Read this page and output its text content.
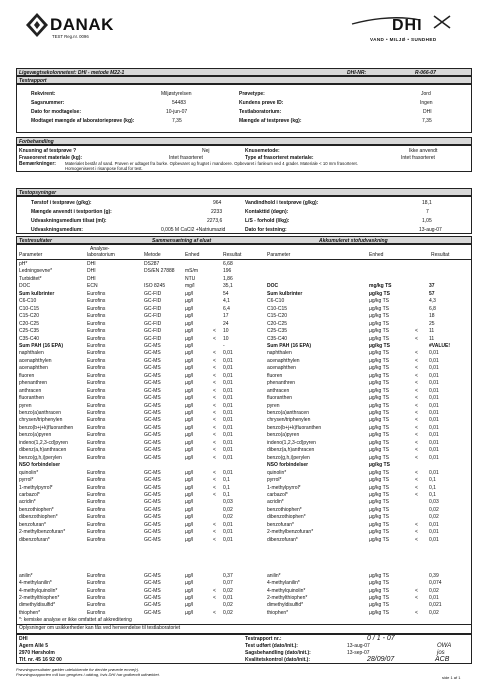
DANAK
TEST Reg.nr. 0096
DHI
VAND • MILJØ • SUNDHED
Ligevægtsekolonnetest: DHI - metode M22-1	DHI-NR:	R-066-07
Testrapport
Rekvirent:	Miljøstyrelsen	Prøvetype:	Jord
Sagsnummer:	54483	Kundens prøve ID:	Ingen
Dato for modtagelse:	10-jun-07	Testlaboratorium:	DHI
Modtaget mængde af laboratorieprøve (kg):	7,35	Mængde af testprøve (kg):	7,35
Forbehandling
Knusning af testprøve ?	Nej	Knusemetode:	Ikke anvendt
Fraseoreret materiale (kg):	Intet frasorteret	Type af frasorteret materiale:	Intet frasorteret
Bemærkninger: Materialet består af sand. Prøven er udtaget fra burke. Opbevaret og frugtet i mandoere. Opbevaret i fanleum ved 4 grader. Materiale < 10 mm frasorteret.
Homogeniseret i risanpose forud for test.
Testopsyninger
Tørstof i testprøve (g/kg):	964	Vandindhold i testprøve (g/kg):	18,1
Mængde anvendt i testportion (g):	2233	Kontakttid (døgn):	7
Udvaskningsmedium tilsat (ml):	2273,6	L/S - forhold (l/kg):	1,05
Udvaskningsmedium:	0,005 M CaCl2 +Natriumazid	Dato for testning:	13-aug-07
Testresultater	Sammensætning af eluat	Akkumuleret stofudvaskning
Analyse-
Parameter	laboratorium	Metode	Enhed	Resultat	Parameter	Enhed	Resultat
pH*	DHI	DS287	6,68
Ledningsevne*	DHI	DS/EN 27888 mS/m	196
Turbiditet*	DHI	NTU	1,86
DOC	ECN	ISO 8245	mg/l	35,1	DOC	mg/kg TS	37
Sum kulbrinter	Eurofins	GC-FID	µg/l	54	Sum kulbrinter	µg/kg TS	57
C6-C10	Eurofins	GC-FID	µg/l	4,1	C6-C10	µg/kg TS	4,3
C10-C15	Eurofins	GC-FID	µg/l	6,4	C10-C15	µg/kg TS	6,8
C15-C20	Eurofins	GC-FID	µg/l	17	C15-C20	µg/kg TS	18
C20-C25	Eurofins	GC-FID	µg/l	24	C20-C25	µg/kg TS	25
C25-C35	Eurofins	GC-FID	µg/l	< 10	C25-C35	µg/kg TS	< 11
C35-C40	Eurofins	GC-FID	µg/l	< 10	C35-C40	µg/kg TS	< 11
Sum PAH (16 EPA)	Eurofins	GC-MS	µg/l	-	Sum PAH (16 EPA)	µg/kg TS	#VALUE!
naphthalen	Eurofins	GC-MS	µg/l	< 0,01	naphthalen	µg/kg TS	< 0,01
acenaphthylen	Eurofins	GC-MS	µg/l	< 0,01	acenaphthylen	µg/kg TS	< 0,01
acenaphthen	Eurofins	GC-MS	µg/l	< 0,01	acenaphthen	µg/kg TS	< 0,01
fluoren	Eurofins	GC-MS	µg/l	< 0,01	fluoren	µg/kg TS	< 0,01
phenanthren	Eurofins	GC-MS	µg/l	< 0,01	phenanthren	µg/kg TS	< 0,01
anthracen	Eurofins	GC-MS	µg/l	< 0,01	anthracen	µg/kg TS	< 0,01
fluoranthen	Eurofins	GC-MS	µg/l	< 0,01	fluoranthen	µg/kg TS	< 0,01
pyren	Eurofins	GC-MS	µg/l	< 0,01	pyren	µg/kg TS	< 0,01
benzo(a)anthracen	Eurofins	GC-MS	µg/l	< 0,01	benzo(a)anthracen	µg/kg TS	< 0,01
chrysen/triphenylen	Eurofins	GC-MS	µg/l	< 0,01	chrysen/triphenylen	µg/kg TS	< 0,01
benzo(b+j+k)fluoranthen	Eurofins	GC-MS	µg/l	< 0,01	benzo(b+j+k)fluoranthen	µg/kg TS	< 0,01
benzo(a)pyren	Eurofins	GC-MS	µg/l	< 0,01	benzo(a)pyren	µg/kg TS	< 0,01
indeno(1,2,3-cd)pyren	Eurofins	GC-MS	µg/l	< 0,01	indeno(1,2,3-cd)pyren	µg/kg TS	< 0,01
dibenz(a,h)anthracen	Eurofins	GC-MS	µg/l	< 0,01	dibenz(a,h)anthracen	µg/kg TS	< 0,01
benzo(g,h,i)perylen	Eurofins	GC-MS	µg/l	< 0,01	benzo(g,h,i)perylen	µg/kg TS	< 0,01
NSO forbindelser	NSO forbindelser	µg/kg TS
quinolin*	Eurofins	GC-MS	µg/l	< 0,01	quinolin*	µg/kg TS	< 0,01
pyrrol*	Eurofins	GC-MS	µg/l	< 0,1	pyrrol*	µg/kg TS	< 0,1
1-methylpyrrol*	Eurofins	GC-MS	µg/l	< 0,1	1-methylpyrrol*	µg/kg TS	< 0,1
carbazol*	Eurofins	GC-MS	µg/l	< 0,1	carbazol*	µg/kg TS	< 0,1
acridin*	Eurofins	GC-MS	µg/l	0,03	acridin*	µg/kg TS	0,03
benzothiophen*	Eurofins	GC-MS	µg/l	0,02	benzothiophen*	µg/kg TS	0,02
dibenzothiophen*	Eurofins	GC-MS	µg/l	0,02	dibenzothiophen*	µg/kg TS	0,02
benzofuran*	Eurofins	GC-MS	µg/l	< 0,01	benzofuran*	µg/kg TS	< 0,01
2-methylbenzofuran*	Eurofins	GC-MS	µg/l	< 0,01	2-methylbenzofuran*	µg/kg TS	< 0,01
dibenzofuran*	Eurofins	GC-MS	µg/l	< 0,01	dibenzofuran*	µg/kg TS	< 0,01
anilin*	Eurofins	GC-MS	µg/l	0,37	anilin*	µg/kg TS	0,39
4-methylanilin*	Eurofins	GC-MS	µg/l	0,07	4-methylanilin*	µg/kg TS	0,074
4-methylquinolin*	Eurofins	GC-MS	µg/l	< 0,02	4-methylquinolin*	µg/kg TS	< 0,02
2-methylthiophen*	Eurofins	GC-MS	µg/l	< 0,01	2-methylthiophen*	µg/kg TS	< 0,01
dimethyldisulfid*	Eurofins	GC-MS	µg/l	0,02	dimethyldisulfid*	µg/kg TS	0,021
thiophen*	Eurofins	GC-MS	µg/l	< 0,02	thiophen*	µg/kg TS	< 0,02
*: kemiske analyse er ikke omfattet af akkreditering
Oplysninger om usikkerheder kan fås ved henvendelse til testlaboratoriet
DHI	Testrapport nr.:	0 / 1 - 07
Agern Allé 5	Test udført (dato/init.):	13-aug-07	OWA
2970 Hørsholm	Sagsbehandling (dato/init.):	13-sep-07	jos
Tlf. nr. 45 16 92 00	Kvalitetskontrol (dato/init.):	28/09/07	ACB
Prøvningsresultater gælder udelukkende for den/de prøvede emne(r).
Prøvningsrapporten må kun gengives i uddrag, hvis DHI har godkendt udtrækket.
side 1 af 1
